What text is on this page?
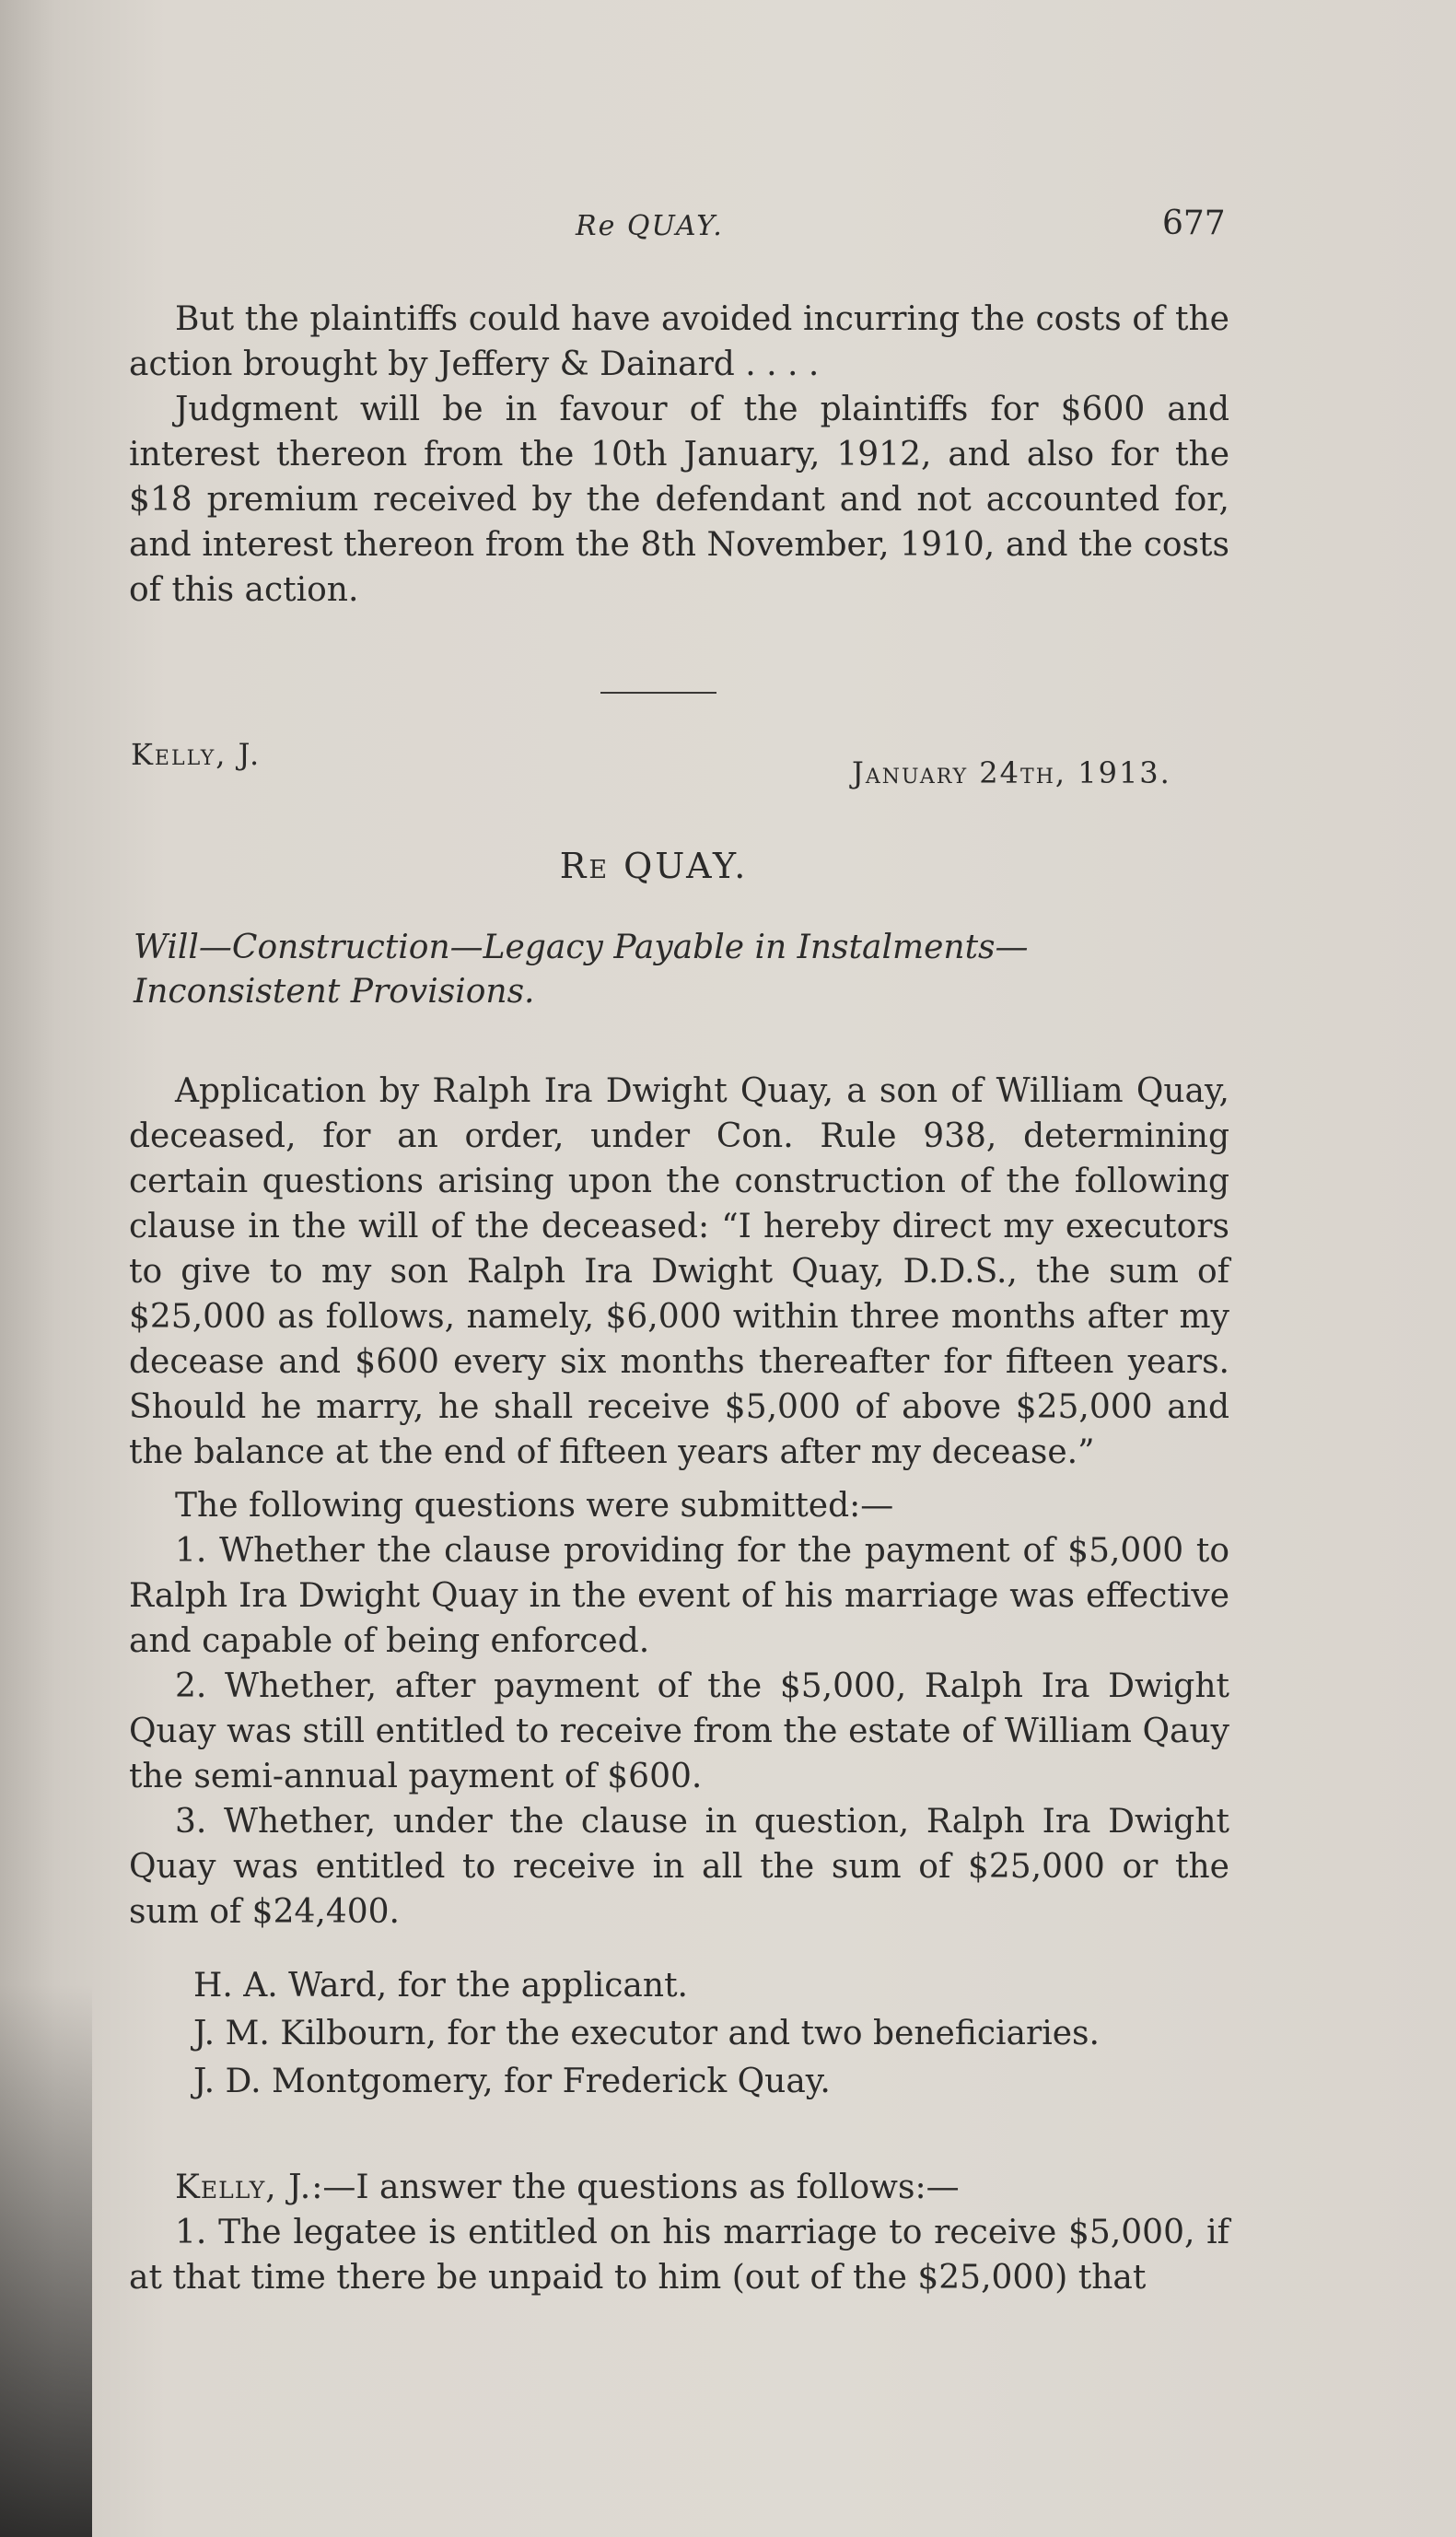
Re QUAY.	677

But the plaintiffs could have avoided incurring the costs of the action brought by Jeffery & Dainard . . . .

Judgment will be in favour of the plaintiffs for $600 and interest thereon from the 10th January, 1912, and also for the $18 premium received by the defendant and not accounted for, and interest thereon from the 8th November, 1910, and the costs of this action.

Kelly, J.
January 24th, 1913.
Re QUAY.

Will—Construction—Legacy Payable in Instalments—Inconsistent Provisions.

Application by Ralph Ira Dwight Quay, a son of William Quay, deceased, for an order, under Con. Rule 938, determining certain questions arising upon the construction of the following clause in the will of the deceased: “I hereby direct my executors to give to my son Ralph Ira Dwight Quay, D.D.S., the sum of $25,000 as follows, namely, $6,000 within three months after my decease and $600 every six months thereafter for fifteen years. Should he marry, he shall receive $5,000 of above $25,000 and the balance at the end of fifteen years after my decease.”

The following questions were submitted:—

1. Whether the clause providing for the payment of $5,000 to Ralph Ira Dwight Quay in the event of his marriage was effective and capable of being enforced.

2. Whether, after payment of the $5,000, Ralph Ira Dwight Quay was still entitled to receive from the estate of William Qauy the semi-annual payment of $600.

3. Whether, under the clause in question, Ralph Ira Dwight Quay was entitled to receive in all the sum of $25,000 or the sum of $24,400.

H. A. Ward, for the applicant.
J. M. Kilbourn, for the executor and two beneficiaries.
J. D. Montgomery, for Frederick Quay.

Kelly, J.:—I answer the questions as follows:—

1. The legatee is entitled on his marriage to receive $5,000, if at that time there be unpaid to him (out of the $25,000) that
